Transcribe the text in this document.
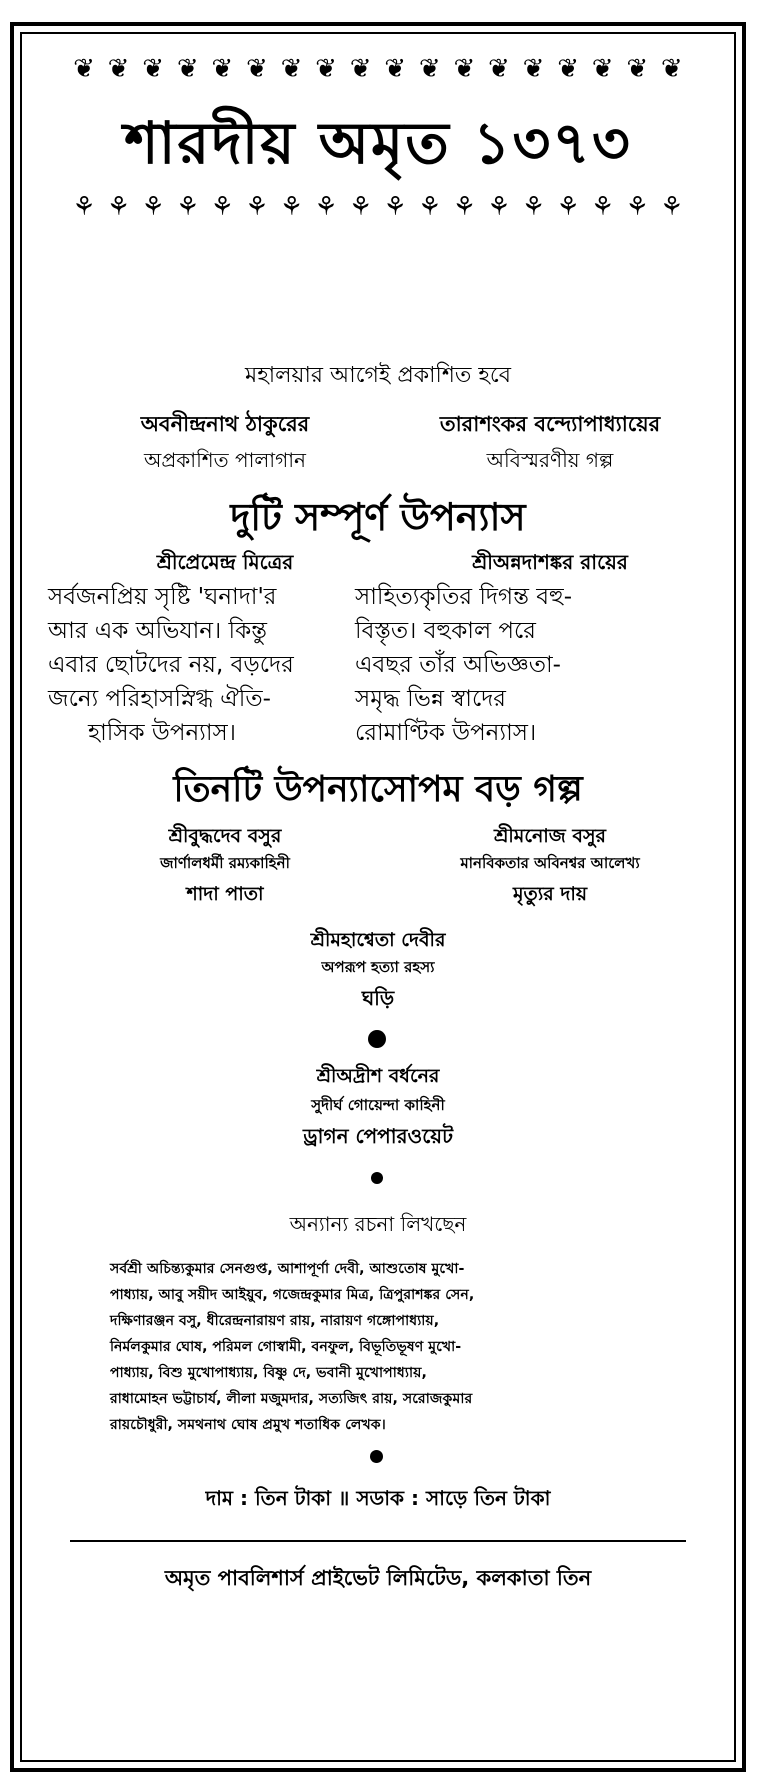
❦ ❦ ❦ ❦ ❦ ❦ ❦ ❦ ❦ ❦ ❦ ❦ ❦ ❦ ❦ ❦ ❦ ❦
শারদীয় অমৃত ১৩৭৩
⚘ ⚘ ⚘ ⚘ ⚘ ⚘ ⚘ ⚘ ⚘ ⚘ ⚘ ⚘ ⚘ ⚘ ⚘ ⚘ ⚘ ⚘
মহালয়ার আগেই প্রকাশিত হবে
অবনীন্দ্রনাথ ঠাকুরের	তারাশংকর বন্দ্যোপাধ্যায়ের
অপ্রকাশিত পালাগান	অবিস্মরণীয় গল্প
দুটি সম্পূর্ণ উপন্যাস
শ্রীপ্রেমেন্দ্র মিত্রের	শ্রীঅন্নদাশঙ্কর রায়ের
সর্বজনপ্রিয় সৃষ্টি 'ঘনাদা'র
আর এক অভিযান। কিন্তু
এবার ছোটদের নয়, বড়দের
জন্যে পরিহাসস্নিগ্ধ ঐতি-
হাসিক উপন্যাস।
সাহিত্যকৃতির দিগন্ত বহু-
বিস্তৃত। বহুকাল পরে
এবছর তাঁর অভিজ্ঞতা-
সমৃদ্ধ ভিন্ন স্বাদের
রোমাণ্টিক উপন্যাস।
তিনটি উপন্যাসোপম বড় গল্প
শ্রীবুদ্ধদেব বসুর	শ্রীমনোজ বসুর
জার্ণালধর্মী রম্যকাহিনী	মানবিকতার অবিনশ্বর আলেখ্য
শাদা পাতা	মৃত্যুর দায়
শ্রীমহাশ্বেতা দেবীর
অপরূপ হত্যা রহস্য
ঘড়ি
শ্রীঅদ্রীশ বর্ধনের
সুদীর্ঘ গোয়েন্দা কাহিনী
ড্রাগন পেপারওয়েট
অন্যান্য রচনা লিখছেন
সর্বশ্রী অচিন্ত্যকুমার সেনগুপ্ত, আশাপূর্ণা দেবী, আশুতোষ মুখো-
পাধ্যায়, আবু সয়ীদ আইয়ুব, গজেন্দ্রকুমার মিত্র, ত্রিপুরাশঙ্কর সেন,
দক্ষিণারঞ্জন বসু, ধীরেন্দ্রনারায়ণ রায়, নারায়ণ গঙ্গোপাধ্যায়,
নির্মলকুমার ঘোষ, পরিমল গোস্বামী, বনফুল, বিভূতিভূষণ মুখো-
পাধ্যায়, বিশু মুখোপাধ্যায়, বিষ্ণু দে, ভবানী মুখোপাধ্যায়,
রাধামোহন ভট্টাচার্য, লীলা মজুমদার, সত্যজিৎ রায়, সরোজকুমার
রায়চৌধুরী, সমথনাথ ঘোষ প্রমুখ শতাধিক লেখক।
দাম : তিন টাকা ॥ সডাক : সাড়ে তিন টাকা
অমৃত পাবলিশার্স প্রাইভেট লিমিটেড, কলকাতা তিন
